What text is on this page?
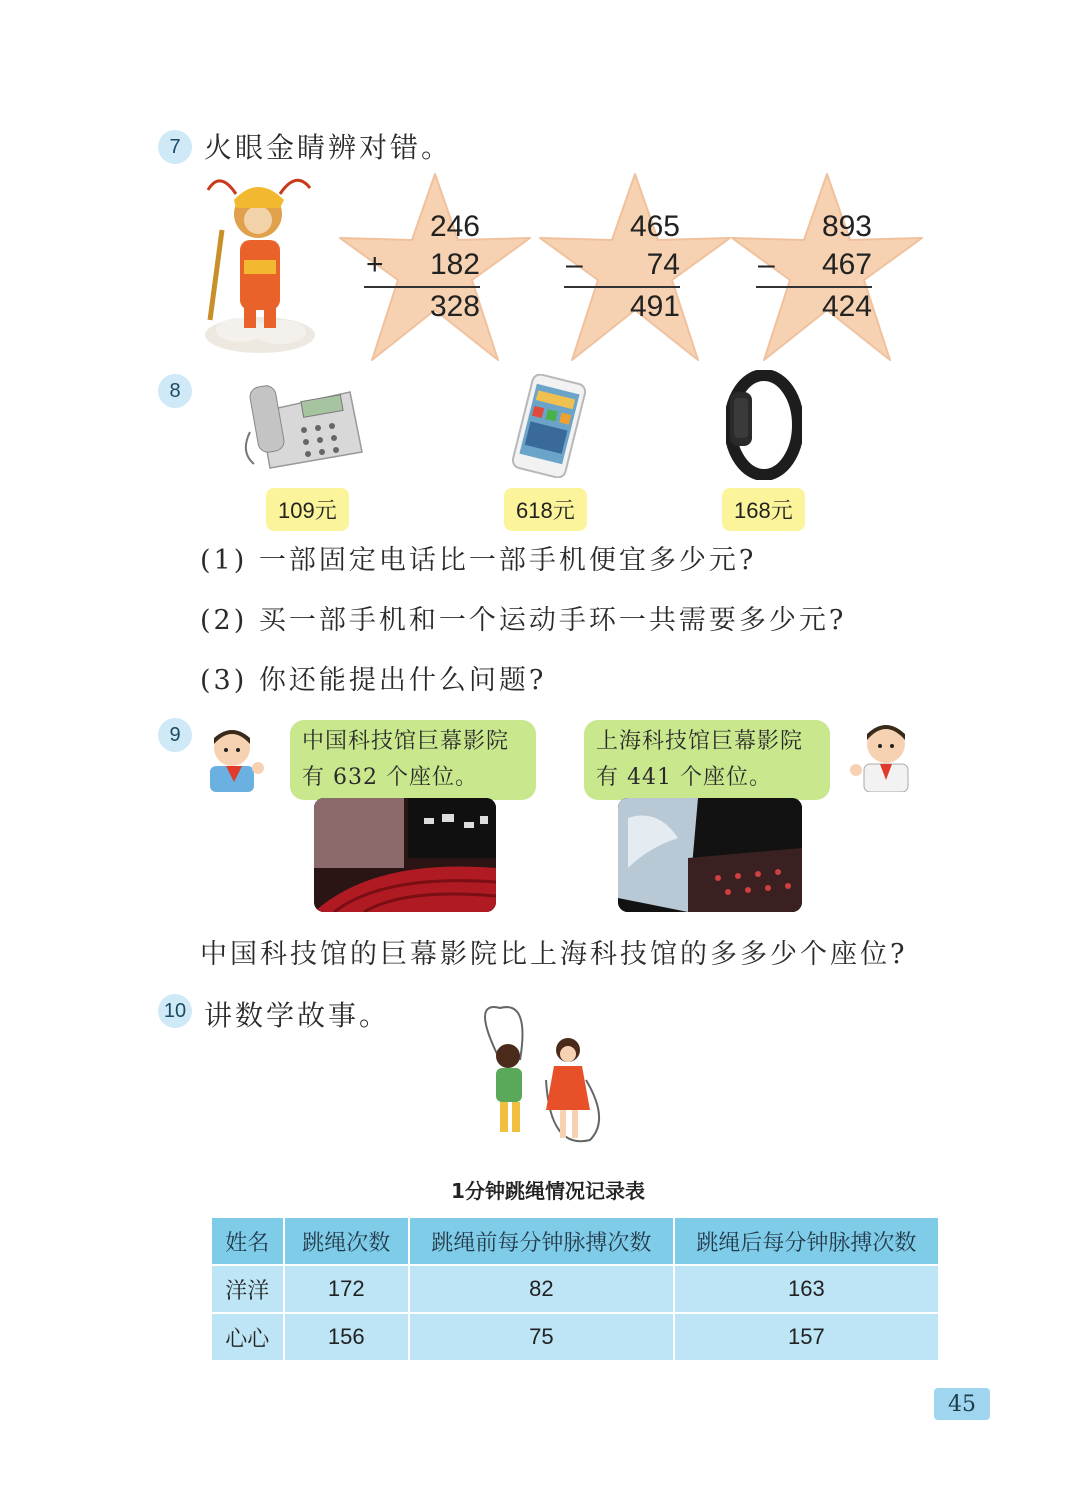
7 火眼金睛辨对错。
246
+ 182
328
465
– 74
491
893
– 467
424
8
109元	618元	168元
(1) 一部固定电话比一部手机便宜多少元?
(2) 买一部手机和一个运动手环一共需要多少元?
(3) 你还能提出什么问题?
9	中国科技馆巨幕影院
有 632 个座位。
上海科技馆巨幕影院
有 441 个座位。
中国科技馆的巨幕影院比上海科技馆的多多少个座位?
10 讲数学故事。
1分钟跳绳情况记录表
姓名	跳绳次数	跳绳前每分钟脉搏次数	跳绳后每分钟脉搏次数
洋洋	172	82	163
心心	156	75	157
45
